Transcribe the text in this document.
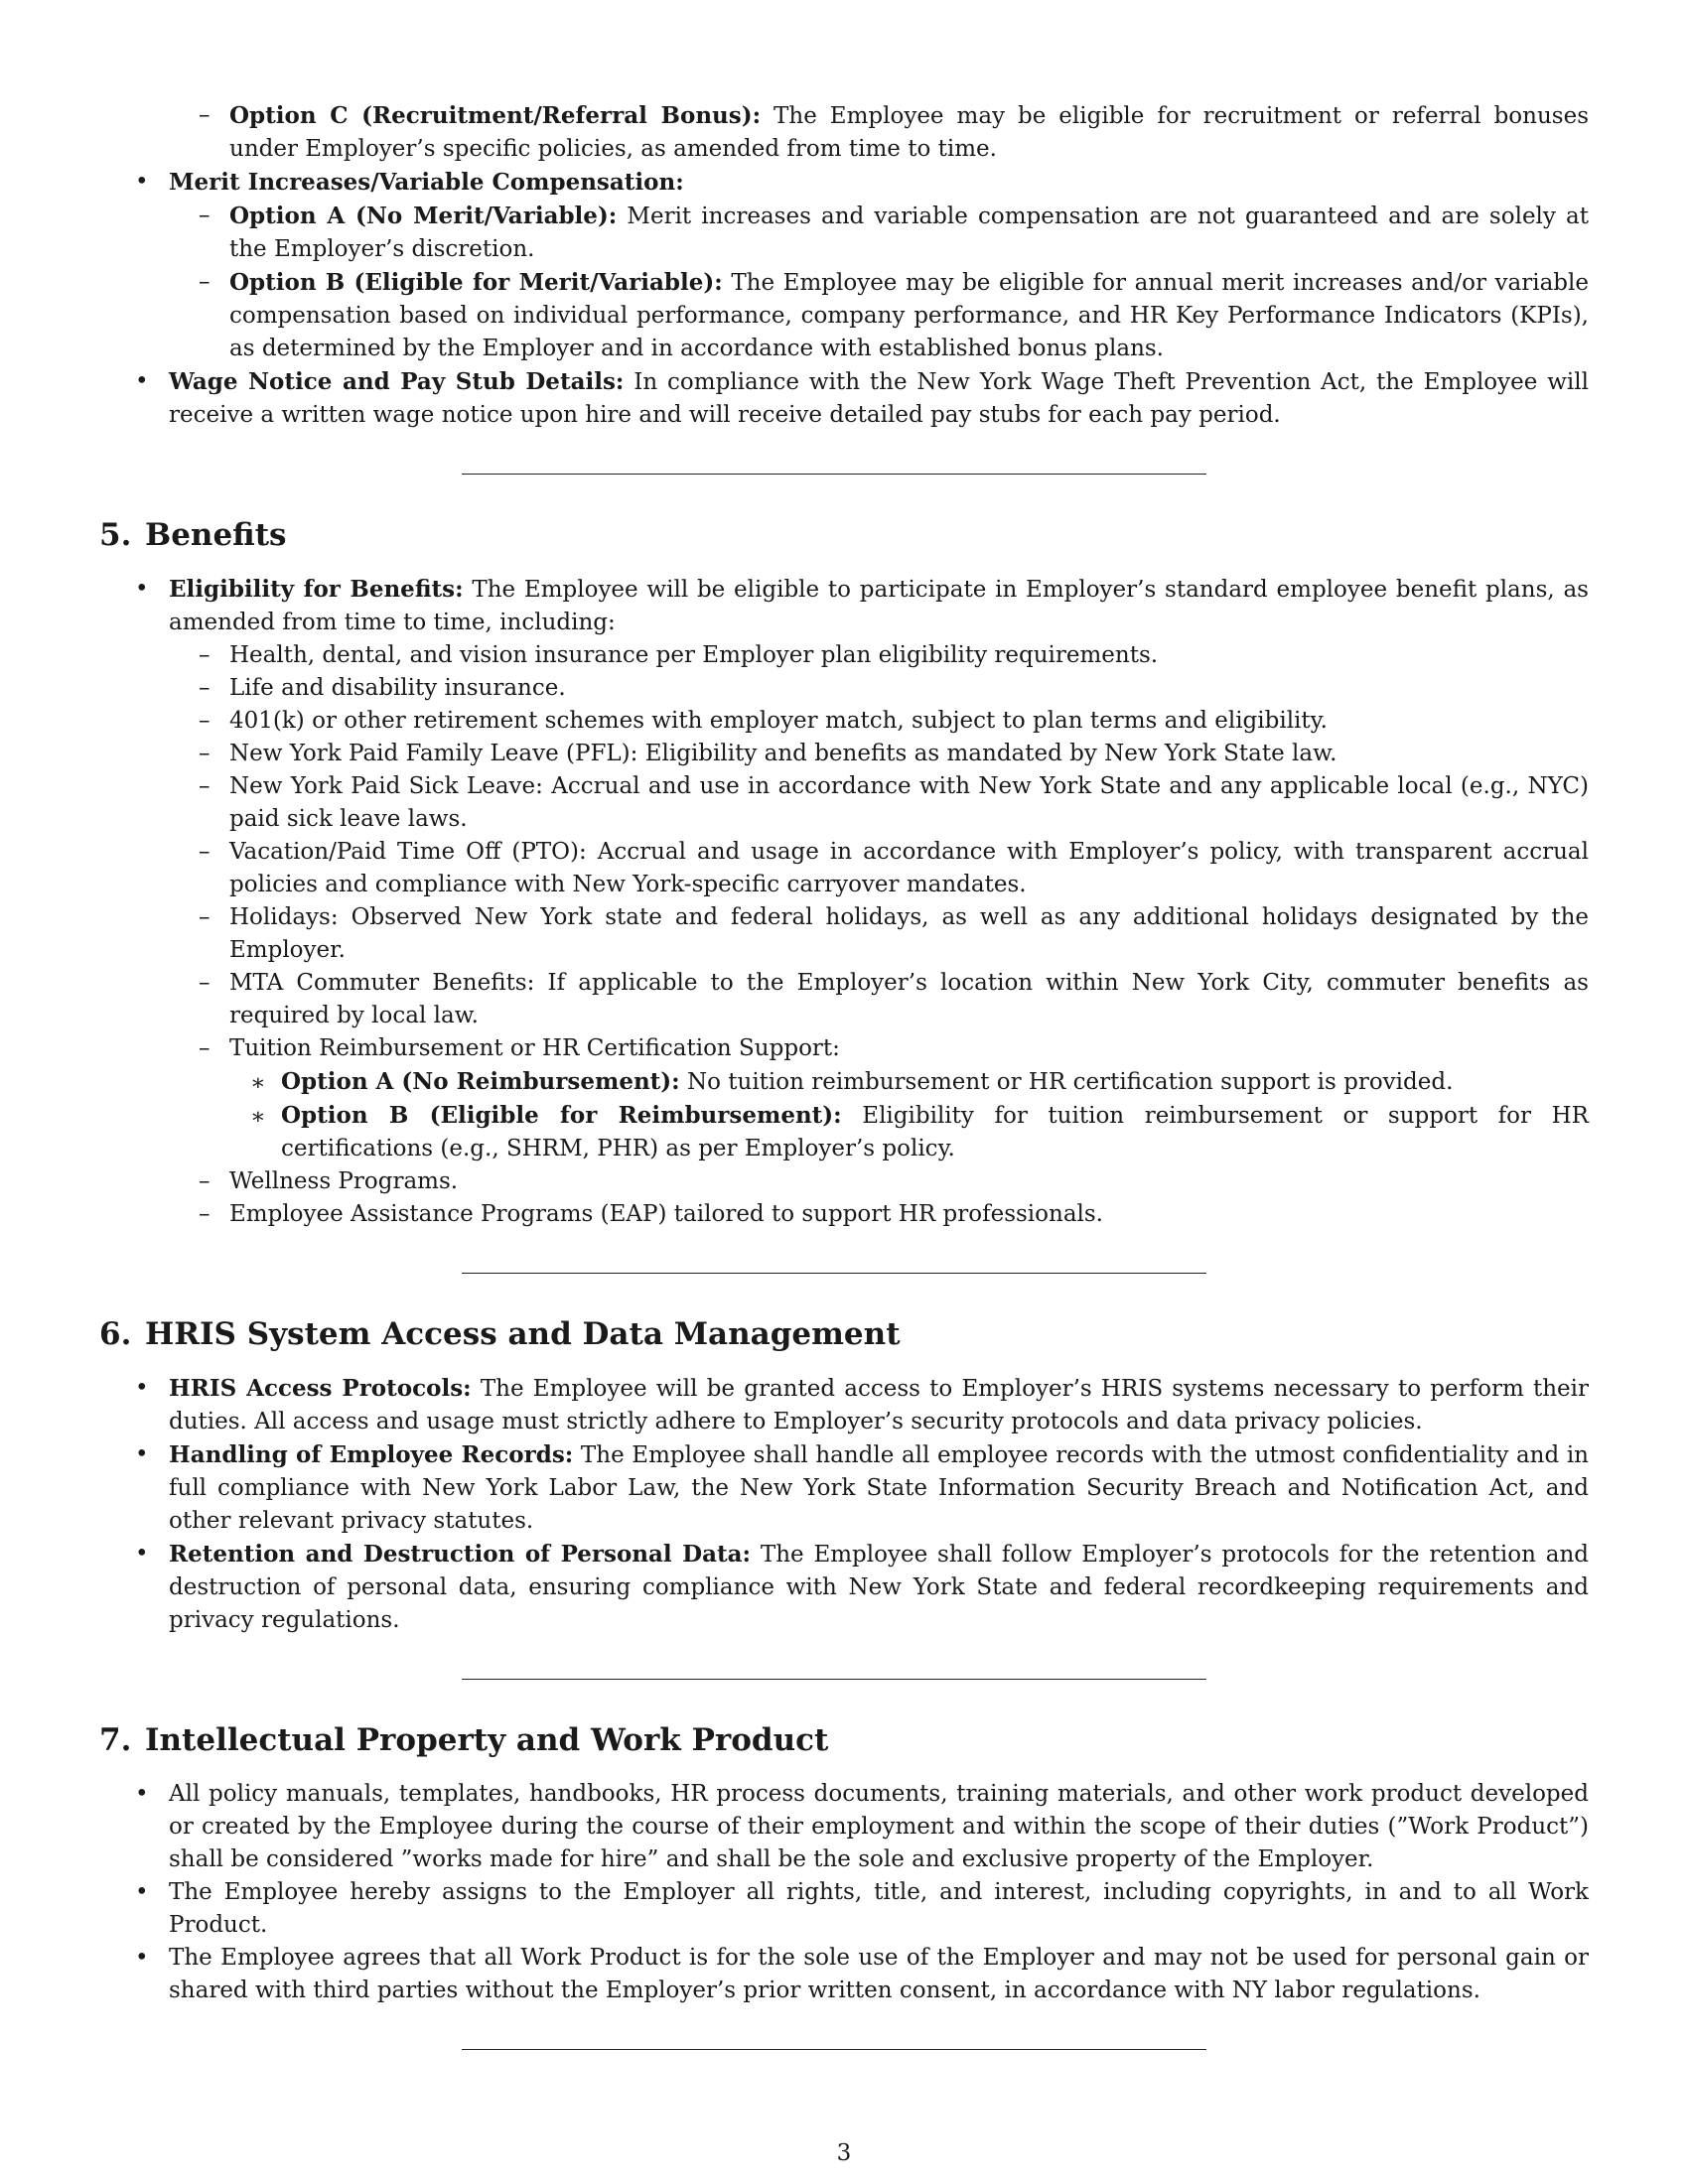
– Option C (Recruitment/Referral Bonus): The Employee may be eligible for recruitment or referral bonuses under Employer’s specific policies, as amended from time to time.
• Merit Increases/Variable Compensation:
– Option A (No Merit/Variable): Merit increases and variable compensation are not guaranteed and are solely at the Employer’s discretion.
– Option B (Eligible for Merit/Variable): The Employee may be eligible for annual merit increases and/or variable compensation based on individual performance, company performance, and HR Key Performance Indicators (KPIs), as determined by the Employer and in accordance with established bonus plans.
• Wage Notice and Pay Stub Details: In compliance with the New York Wage Theft Prevention Act, the Employee will receive a written wage notice upon hire and will receive detailed pay stubs for each pay period.
5. Benefits
• Eligibility for Benefits: The Employee will be eligible to participate in Employer’s standard employee benefit plans, as amended from time to time, including:
– Health, dental, and vision insurance per Employer plan eligibility requirements.
– Life and disability insurance.
– 401(k) or other retirement schemes with employer match, subject to plan terms and eligibility.
– New York Paid Family Leave (PFL): Eligibility and benefits as mandated by New York State law.
– New York Paid Sick Leave: Accrual and use in accordance with New York State and any applicable local (e.g., NYC) paid sick leave laws.
– Vacation/Paid Time Off (PTO): Accrual and usage in accordance with Employer’s policy, with transparent accrual policies and compliance with New York-specific carryover mandates.
– Holidays: Observed New York state and federal holidays, as well as any additional holidays designated by the Employer.
– MTA Commuter Benefits: If applicable to the Employer’s location within New York City, commuter benefits as required by local law.
– Tuition Reimbursement or HR Certification Support:
∗ Option A (No Reimbursement): No tuition reimbursement or HR certification support is provided.
∗ Option B (Eligible for Reimbursement): Eligibility for tuition reimbursement or support for HR certifications (e.g., SHRM, PHR) as per Employer’s policy.
– Wellness Programs.
– Employee Assistance Programs (EAP) tailored to support HR professionals.
6. HRIS System Access and Data Management
• HRIS Access Protocols: The Employee will be granted access to Employer’s HRIS systems necessary to perform their duties. All access and usage must strictly adhere to Employer’s security protocols and data privacy policies.
• Handling of Employee Records: The Employee shall handle all employee records with the utmost confidentiality and in full compliance with New York Labor Law, the New York State Information Security Breach and Notification Act, and other relevant privacy statutes.
• Retention and Destruction of Personal Data: The Employee shall follow Employer’s protocols for the retention and destruction of personal data, ensuring compliance with New York State and federal recordkeeping requirements and privacy regulations.
7. Intellectual Property and Work Product
• All policy manuals, templates, handbooks, HR process documents, training materials, and other work product developed or created by the Employee during the course of their employment and within the scope of their duties (”Work Product”) shall be considered ”works made for hire” and shall be the sole and exclusive property of the Employer.
• The Employee hereby assigns to the Employer all rights, title, and interest, including copyrights, in and to all Work Product.
• The Employee agrees that all Work Product is for the sole use of the Employer and may not be used for personal gain or shared with third parties without the Employer’s prior written consent, in accordance with NY labor regulations.
3
